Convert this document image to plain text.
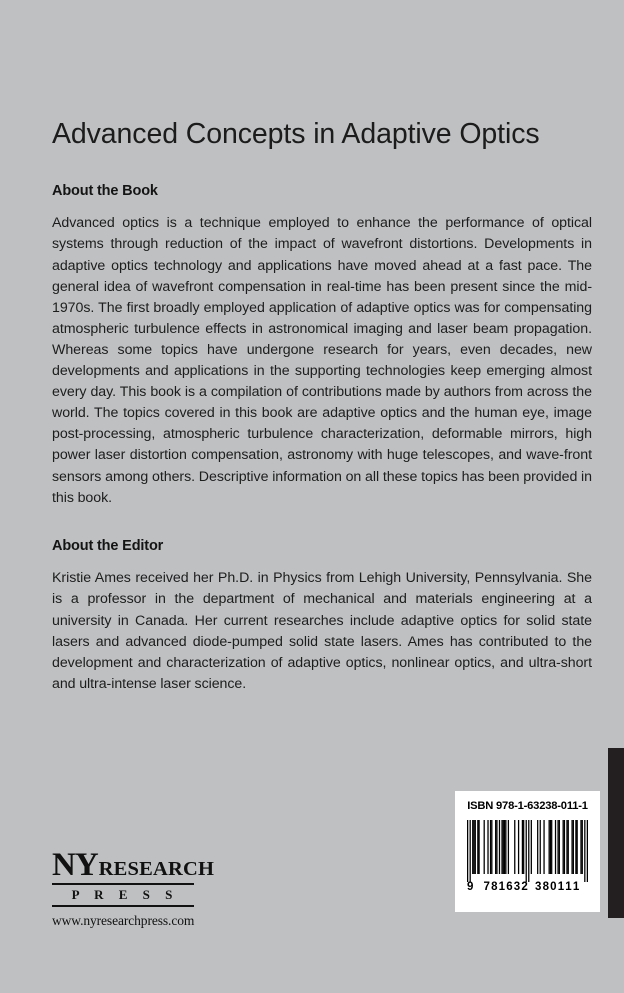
Advanced Concepts in Adaptive Optics
About the Book

Advanced optics is a technique employed to enhance the performance of optical systems through reduction of the impact of wavefront distortions. Developments in adaptive optics technology and applications have moved ahead at a fast pace. The general idea of wavefront compensation in real-time has been present since the mid-1970s. The first broadly employed application of adaptive optics was for compensating atmospheric turbulence effects in astronomical imaging and laser beam propagation. Whereas some topics have undergone research for years, even decades, new developments and applications in the supporting technologies keep emerging almost every day. This book is a compilation of contributions made by authors from across the world. The topics covered in this book are adaptive optics and the human eye, image post-processing, atmospheric turbulence characterization, deformable mirrors, high power laser distortion compensation, astronomy with huge telescopes, and wave-front sensors among others. Descriptive information on all these topics has been provided in this book.

About the Editor

Kristie Ames received her Ph.D. in Physics from Lehigh University, Pennsylvania. She is a professor in the department of mechanical and materials engineering at a university in Canada. Her current researches include adaptive optics for solid state lasers and advanced diode-pumped solid state lasers. Ames has contributed to the development and characterization of adaptive optics, nonlinear optics, and ultra-short and ultra-intense laser science.

NY RESEARCH
P R E S S
www.nyresearchpress.com
ISBN 978-1-63238-011-1
9 7 8 1 6 3 2 3 8 0 1 1 1
